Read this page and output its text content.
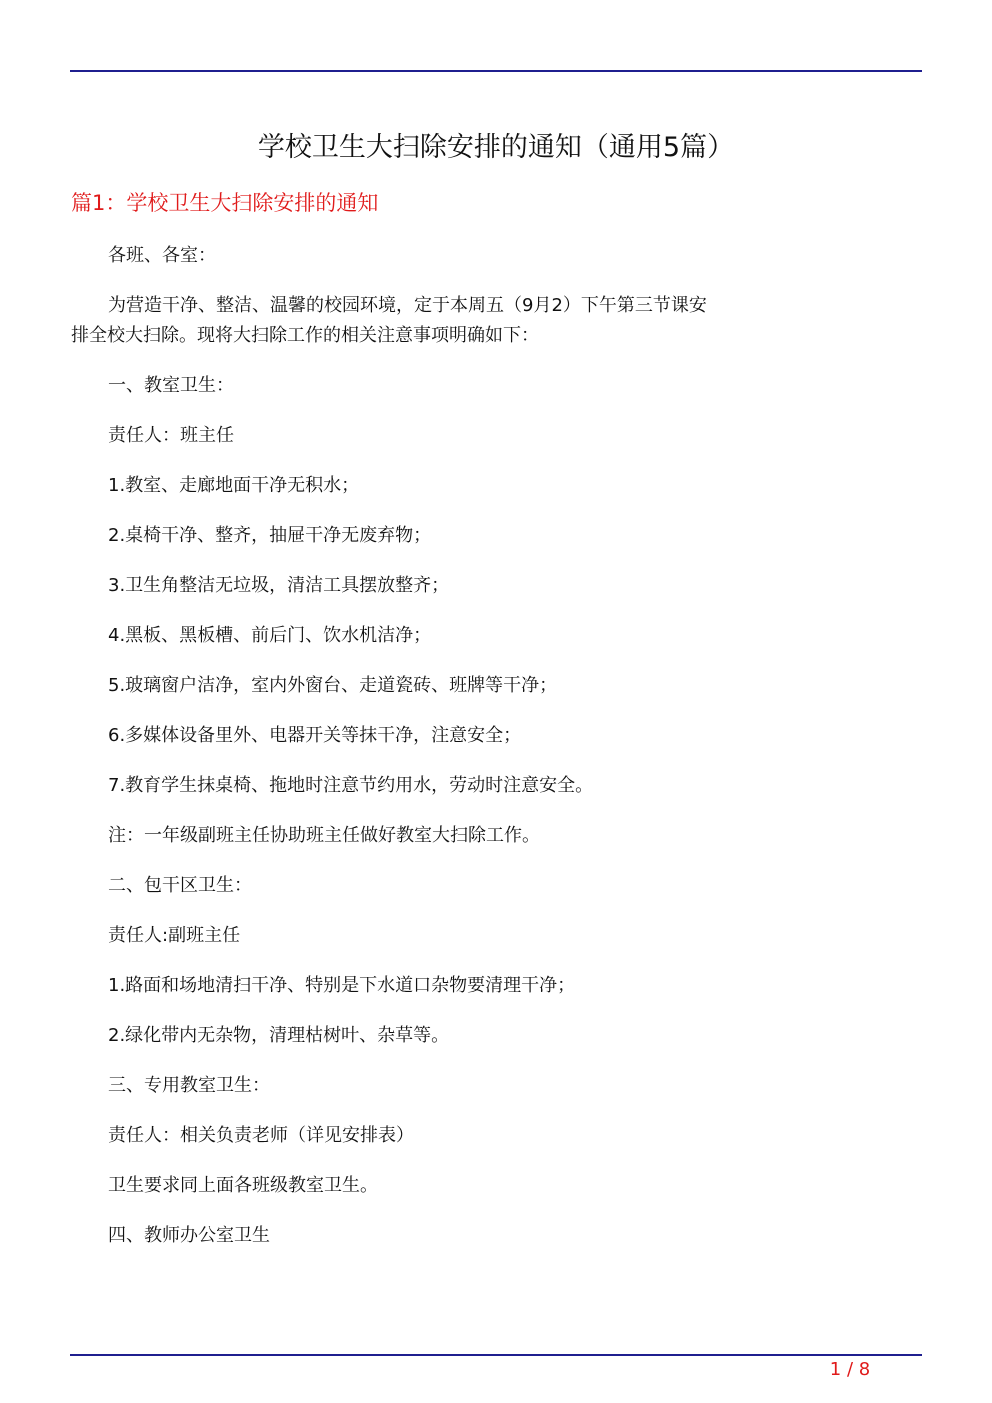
学校卫生大扫除安排的通知（通用5篇）
篇1：学校卫生大扫除安排的通知

各班、各室：

为营造干净、整洁、温馨的校园环境，定于本周五（9月2）下午第三节课安

排全校大扫除。现将大扫除工作的相关注意事项明确如下：

一、教室卫生：

责任人：班主任

1.教室、走廊地面干净无积水；

2.桌椅干净、整齐，抽屉干净无废弃物；

3.卫生角整洁无垃圾，清洁工具摆放整齐；

4.黑板、黑板槽、前后门、饮水机洁净；

5.玻璃窗户洁净，室内外窗台、走道瓷砖、班牌等干净；

6.多媒体设备里外、电器开关等抹干净，注意安全；

7.教育学生抹桌椅、拖地时注意节约用水，劳动时注意安全。

注：一年级副班主任协助班主任做好教室大扫除工作。

二、包干区卫生：

责任人:副班主任

1.路面和场地清扫干净、特别是下水道口杂物要清理干净；

2.绿化带内无杂物，清理枯树叶、杂草等。

三、专用教室卫生：

责任人：相关负责老师（详见安排表）

卫生要求同上面各班级教室卫生。

四、教师办公室卫生

1 / 8
